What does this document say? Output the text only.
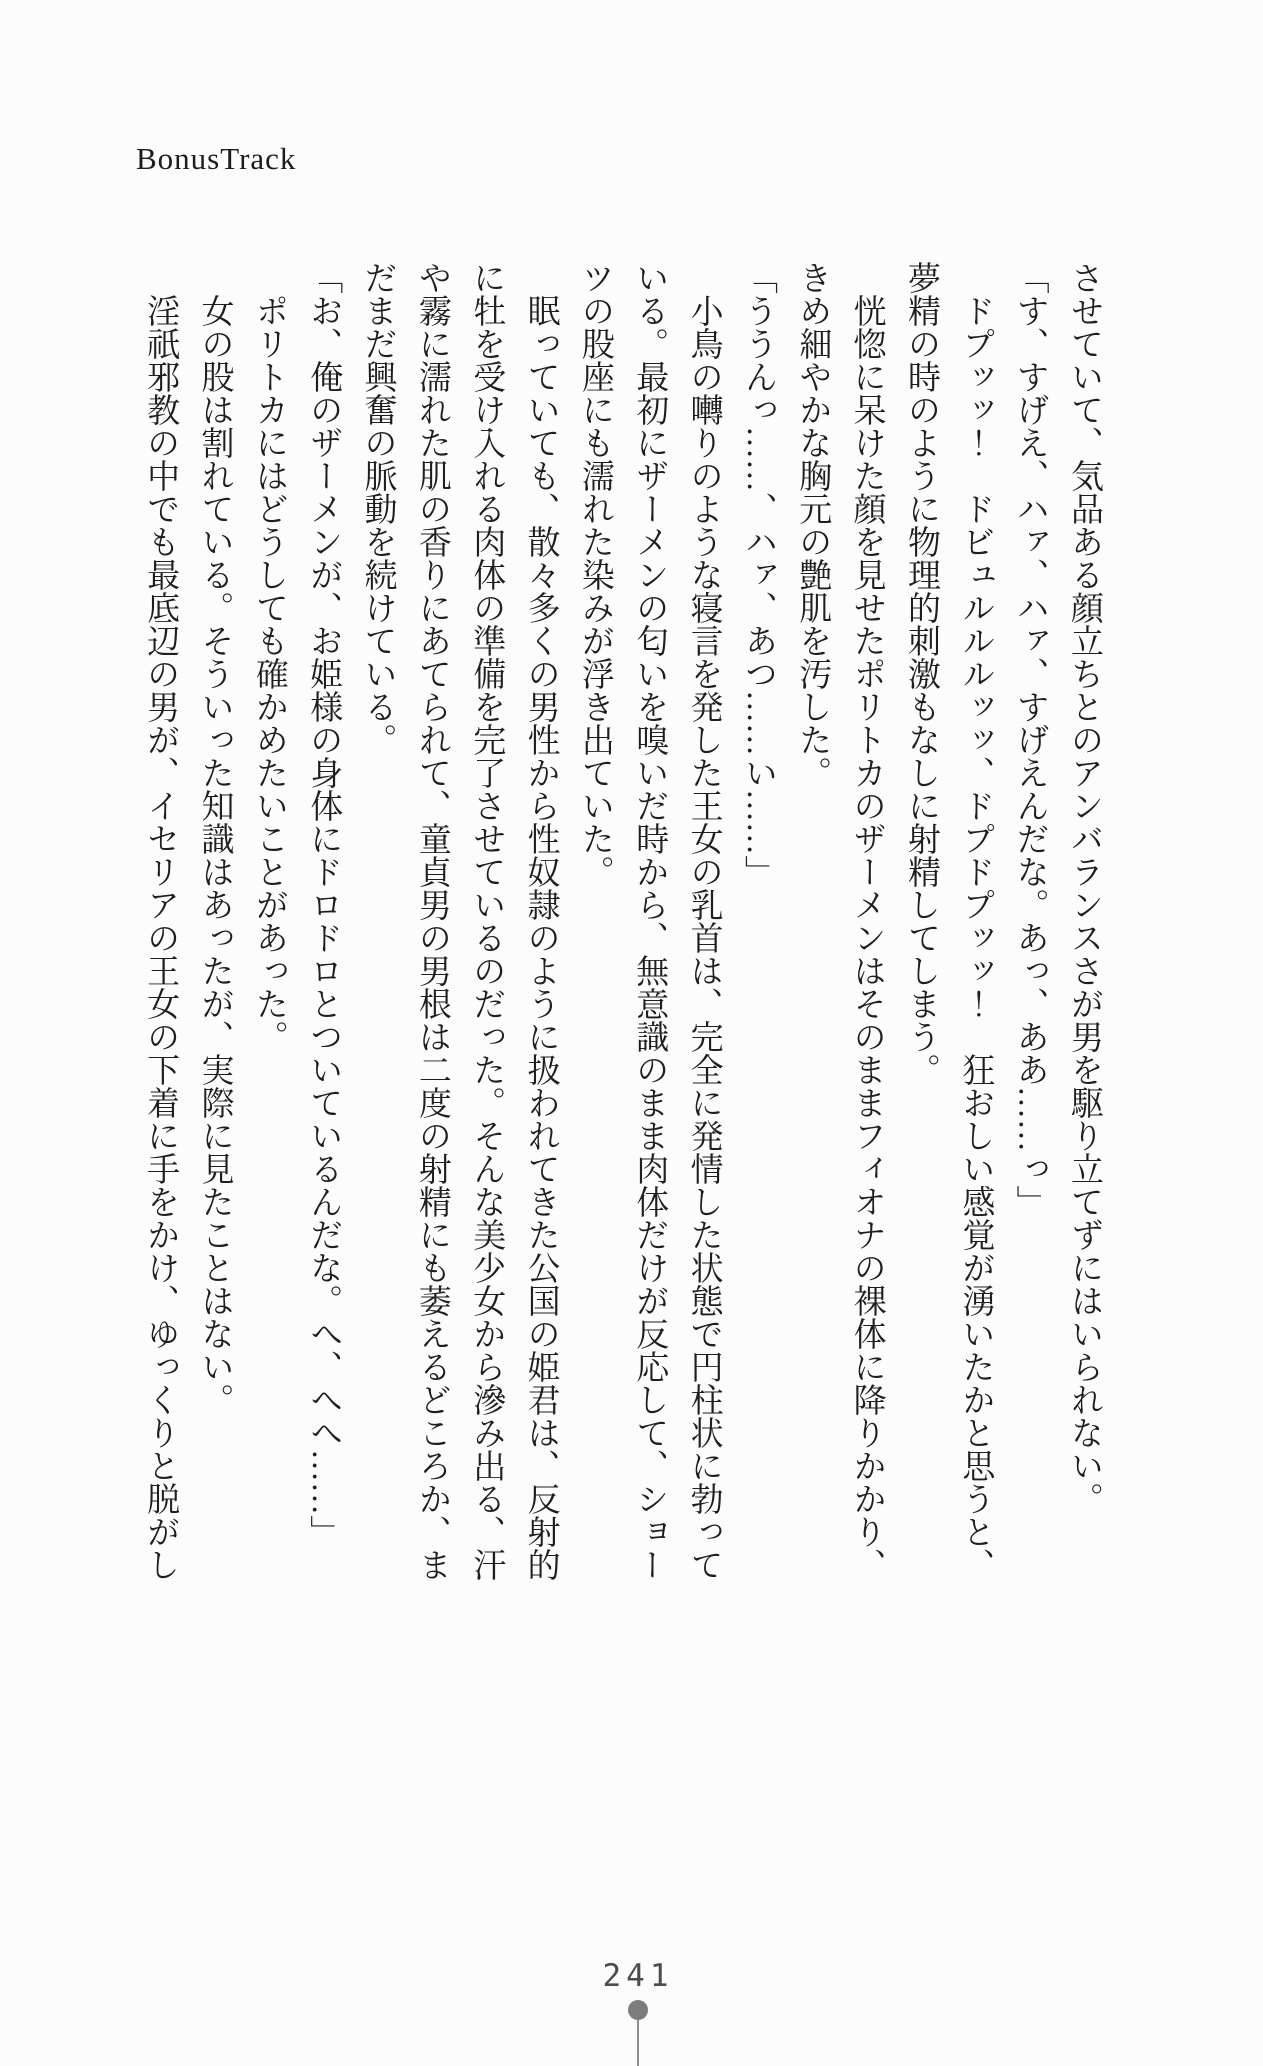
BonusTrack
させていて、気品ある顔立ちとのアンバランスさが男を駆り立てずにはいられない。
「す、すげえ、ハァ、ハァ、すげえんだな。あっ、ああ……っ」
ドプッッ！　ドビュルルルッッ、ドプドプッッ！　狂おしい感覚が湧いたかと思うと、
夢精の時のように物理的刺激もなしに射精してしまう。
恍惚に呆けた顔を見せたポリトカのザーメンはそのままフィオナの裸体に降りかかり、
きめ細やかな胸元の艶肌を汚した。
「ううんっ……、ハァ、あつ……い……」
小鳥の囀りのような寝言を発した王女の乳首は、完全に発情した状態で円柱状に勃って
いる。最初にザーメンの匂いを嗅いだ時から、無意識のまま肉体だけが反応して、ショー
ツの股座にも濡れた染みが浮き出ていた。
眠っていても、散々多くの男性から性奴隷のように扱われてきた公国の姫君は、反射的
に牡を受け入れる肉体の準備を完了させているのだった。そんな美少女から滲み出る、汗
や霧に濡れた肌の香りにあてられて、童貞男の男根は二度の射精にも萎えるどころか、ま
だまだ興奮の脈動を続けている。
「お、俺のザーメンが、お姫様の身体にドロドロとついているんだな。へ、へへ……」
ポリトカにはどうしても確かめたいことがあった。
女の股は割れている。そういった知識はあったが、実際に見たことはない。
淫祇邪教の中でも最底辺の男が、イセリアの王女の下着に手をかけ、ゆっくりと脱がし
241
